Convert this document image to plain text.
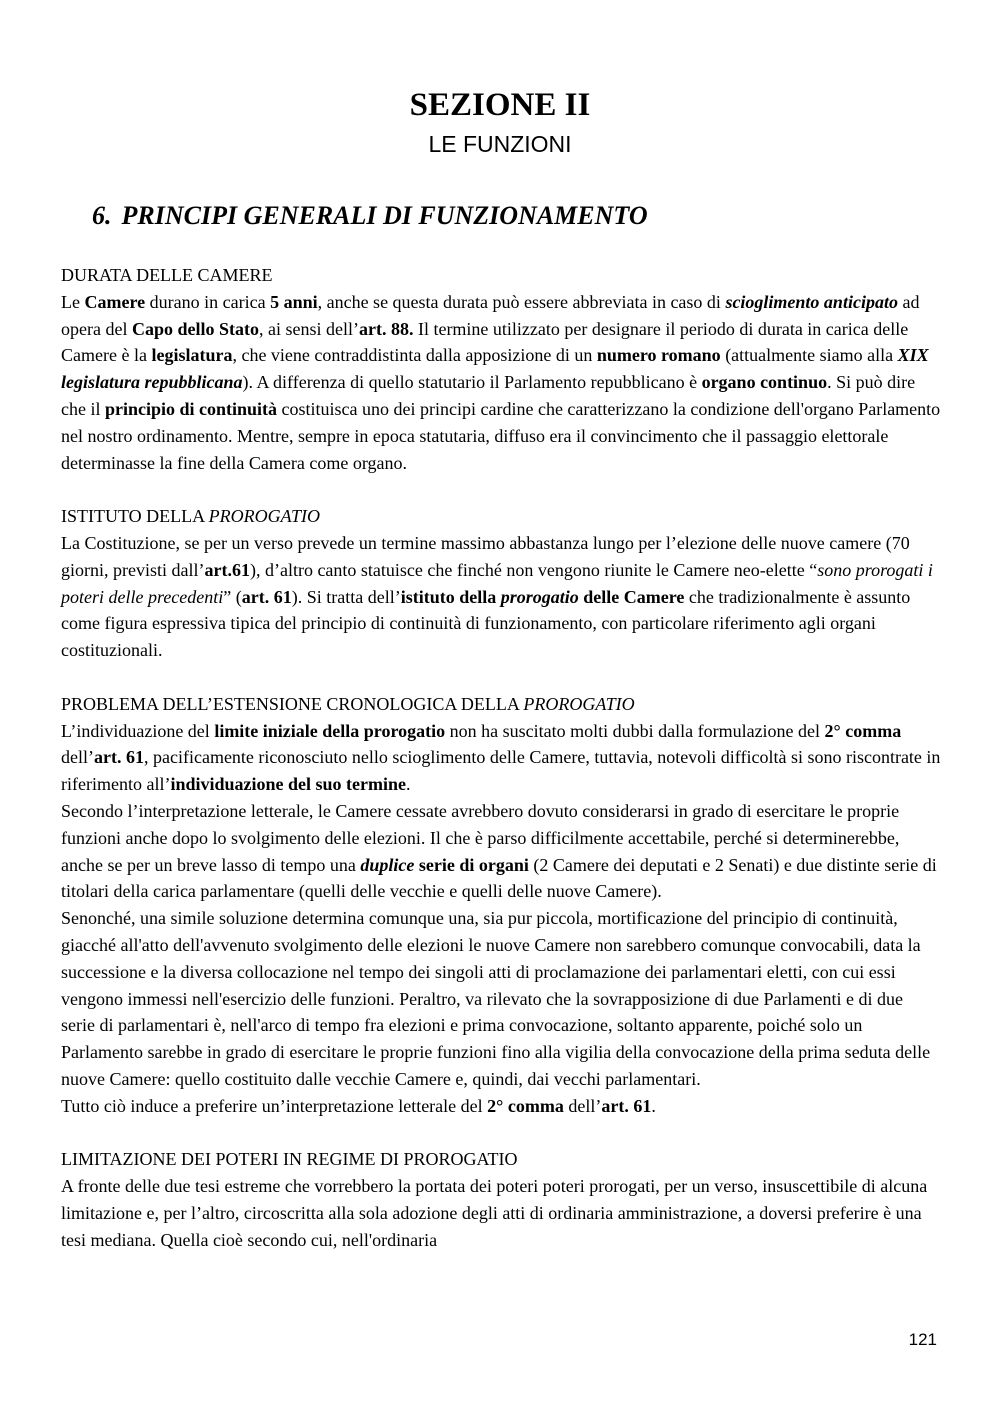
SEZIONE II
LE FUNZIONI
6. PRINCIPI GENERALI DI FUNZIONAMENTO

DURATA DELLE CAMERE

Le Camere durano in carica 5 anni, anche se questa durata può essere abbreviata in caso di scioglimento anticipato ad opera del Capo dello Stato, ai sensi dell’art. 88. Il termine utilizzato per designare il periodo di durata in carica delle Camere è la legislatura, che viene contraddistinta dalla apposizione di un numero romano (attualmente siamo alla XIX legislatura repubblicana). A differenza di quello statutario il Parlamento repubblicano è organo continuo. Si può dire che il principio di continuità costituisca uno dei principi cardine che caratterizzano la condizione dell'organo Parlamento nel nostro ordinamento. Mentre, sempre in epoca statutaria, diffuso era il convincimento che il passaggio elettorale determinasse la fine della Camera come organo.

ISTITUTO DELLA PROROGATIO

La Costituzione, se per un verso prevede un termine massimo abbastanza lungo per l’elezione delle nuove camere (70 giorni, previsti dall’art.61), d’altro canto statuisce che finché non vengono riunite le Camere neo-elette “sono prorogati i poteri delle precedenti” (art. 61). Si tratta dell’istituto della prorogatio delle Camere che tradizionalmente è assunto come figura espressiva tipica del principio di continuità di funzionamento, con particolare riferimento agli organi costituzionali.

PROBLEMA DELL’ESTENSIONE CRONOLOGICA DELLA PROROGATIO

L’individuazione del limite iniziale della prorogatio non ha suscitato molti dubbi dalla formulazione del 2° comma dell’art. 61, pacificamente riconosciuto nello scioglimento delle Camere, tuttavia, notevoli difficoltà si sono riscontrate in riferimento all’individuazione del suo termine.

Secondo l’interpretazione letterale, le Camere cessate avrebbero dovuto considerarsi in grado di esercitare le proprie funzioni anche dopo lo svolgimento delle elezioni. Il che è parso difficilmente accettabile, perché si determinerebbe, anche se per un breve lasso di tempo una duplice serie di organi (2 Camere dei deputati e 2 Senati) e due distinte serie di titolari della carica parlamentare (quelli delle vecchie e quelli delle nuove Camere).

Senonché, una simile soluzione determina comunque una, sia pur piccola, mortificazione del principio di continuità, giacché all'atto dell'avvenuto svolgimento delle elezioni le nuove Camere non sarebbero comunque convocabili, data la successione e la diversa collocazione nel tempo dei singoli atti di proclamazione dei parlamentari eletti, con cui essi vengono immessi nell'esercizio delle funzioni. Peraltro, va rilevato che la sovrapposizione di due Parlamenti e di due serie di parlamentari è, nell'arco di tempo fra elezioni e prima convocazione, soltanto apparente, poiché solo un Parlamento sarebbe in grado di esercitare le proprie funzioni fino alla vigilia della convocazione della prima seduta delle nuove Camere: quello costituito dalle vecchie Camere e, quindi, dai vecchi parlamentari.

Tutto ciò induce a preferire un’interpretazione letterale del 2° comma dell’art. 61.

LIMITAZIONE DEI POTERI IN REGIME DI PROROGATIO

A fronte delle due tesi estreme che vorrebbero la portata dei poteri poteri prorogati, per un verso, insuscettibile di alcuna limitazione e, per l’altro, circoscritta alla sola adozione degli atti di ordinaria amministrazione, a doversi preferire è una tesi mediana. Quella cioè secondo cui, nell'ordinaria

121
